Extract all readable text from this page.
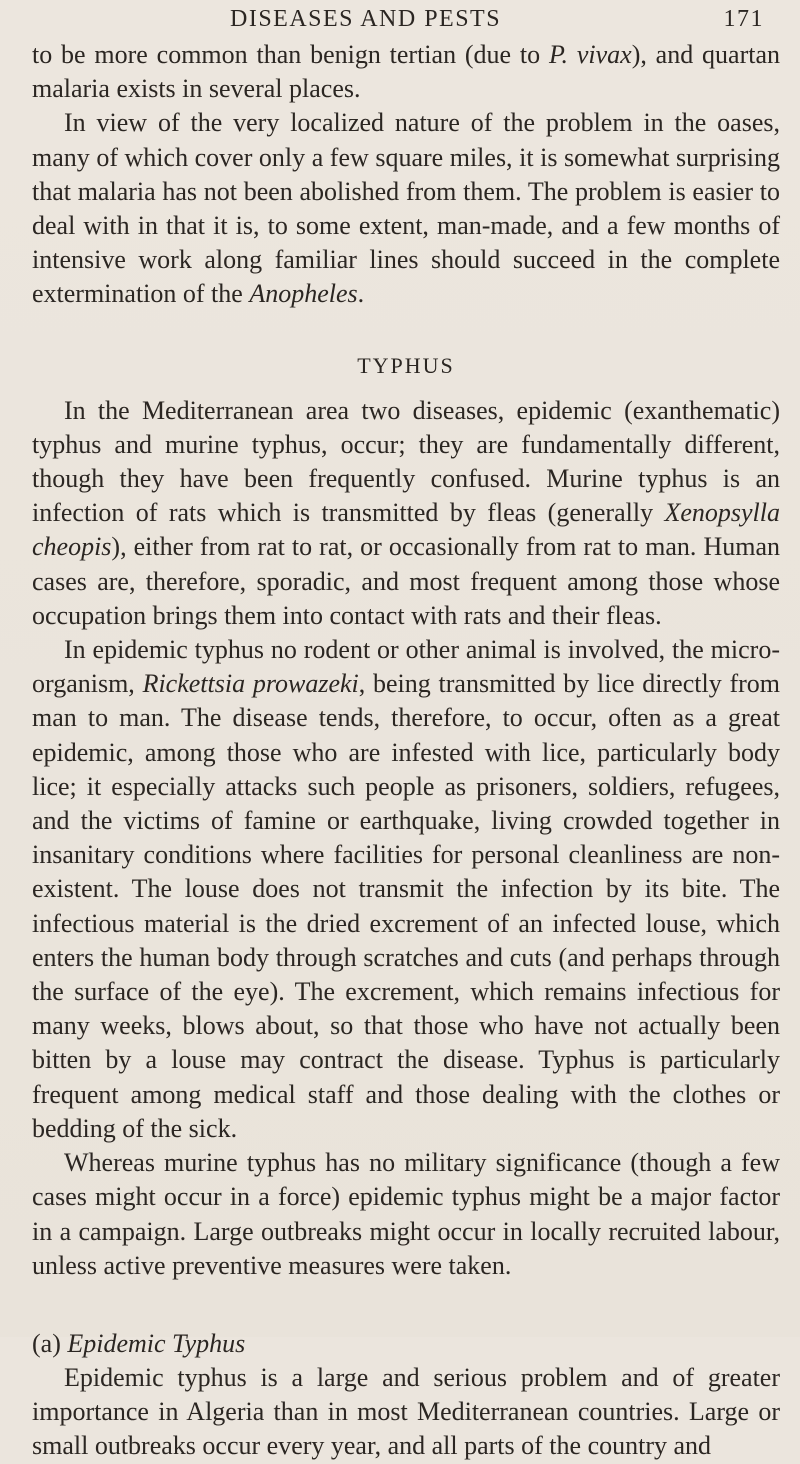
DISEASES AND PESTS	171

to be more common than benign tertian (due to P. vivax), and quartan malaria exists in several places.

In view of the very localized nature of the problem in the oases, many of which cover only a few square miles, it is somewhat surprising that malaria has not been abolished from them. The problem is easier to deal with in that it is, to some extent, man-made, and a few months of intensive work along familiar lines should succeed in the complete extermination of the Anopheles.

TYPHUS

In the Mediterranean area two diseases, epidemic (exanthematic) typhus and murine typhus, occur; they are fundamentally different, though they have been frequently confused. Murine typhus is an infection of rats which is transmitted by fleas (generally Xenopsylla cheopis), either from rat to rat, or occasionally from rat to man. Human cases are, therefore, sporadic, and most frequent among those whose occupation brings them into contact with rats and their fleas.

In epidemic typhus no rodent or other animal is involved, the micro-organism, Rickettsia prowazeki, being transmitted by lice directly from man to man. The disease tends, therefore, to occur, often as a great epidemic, among those who are infested with lice, particularly body lice; it especially attacks such people as prisoners, soldiers, refugees, and the victims of famine or earthquake, living crowded together in insanitary conditions where facilities for personal cleanliness are non-existent. The louse does not transmit the infection by its bite. The infectious material is the dried excrement of an infected louse, which enters the human body through scratches and cuts (and perhaps through the surface of the eye). The excrement, which remains infectious for many weeks, blows about, so that those who have not actually been bitten by a louse may contract the disease. Typhus is particularly frequent among medical staff and those dealing with the clothes or bedding of the sick.

Whereas murine typhus has no military significance (though a few cases might occur in a force) epidemic typhus might be a major factor in a campaign. Large outbreaks might occur in locally recruited labour, unless active preventive measures were taken.

(a) Epidemic Typhus

Epidemic typhus is a large and serious problem and of greater importance in Algeria than in most Mediterranean countries. Large or small outbreaks occur every year, and all parts of the country and
